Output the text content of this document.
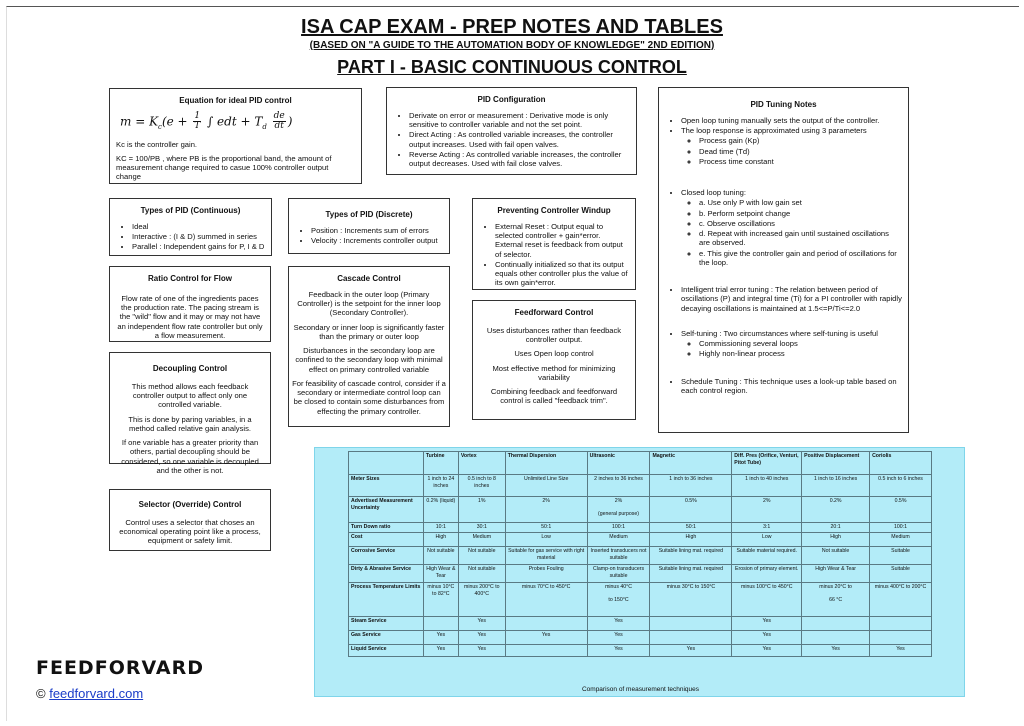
ISA CAP EXAM - PREP NOTES AND TABLES
(BASED ON "A GUIDE TO THE AUTOMATION BODY OF KNOWLEDGE" 2ND EDITION)
PART I - BASIC CONTINUOUS CONTROL
Equation for ideal PID control
$m = K_c(e + \frac{1}{T}$ ∫ edt + $T_d \frac{de}{dt}$ )

Kc is the controller gain.

KC = 100/PB , where PB is the proportional band, the amount of measurement change required to casue 100% controller output change

PID Configuration
• Derivate on error or measurement : Derivative mode is only sensitive to controller variable and not the set point.
• Direct Acting : As controlled variable increases, the controller output increases. Used with fail open valves.
• Reverse Acting : As controlled variable increases, the controller output decreases. Used with fail close valves.
PID Tuning Notes
• Open loop tuning manually sets the output of the controller.
• The loop response is approximated using 3 parameters
◦ Process gain (Kp)
◦ Dead time (Td)
◦ Process time constant
• Closed loop tuning:
◦ a. Use only P with low gain set
◦ b. Perform setpoint change
◦ c. Observe oscillations
◦ d. Repeat with increased gain until sustained oscillations are observed.
◦ e. This give the controller gain and period of oscillations for the loop.
• Intelligent trial error tuning : The relation between period of oscillations (P) and integral time (Ti) for a PI controller with rapidly decaying oscillations is maintained at 1.5<=P/Ti<=2.0
• Self-tuning : Two circumstances where self-tuning is useful
◦ Commissioning several loops
◦ Highly non-linear process
• Schedule Tuning : This technique uses a look-up table based on each control region.
Types of PID (Continuous)
• Ideal
• Interactive : (I & D) summed in series
• Parallel : Independent gains for P, I & D
Types of PID (Discrete)
• Position : Increments sum of errors
• Velocity : Increments controller output
Preventing Controller Windup
• External Reset : Output equal to selected controller + gain*error. External reset is feedback from output of selector.
• Continually initialized so that its output equals other controller plus the value of its own gain*error.
Ratio Control for Flow

Flow rate of one of the ingredients paces the production rate. The pacing stream is the "wild" flow and it may or may not have an independent flow rate controller but only a flow measurement.

Cascade Control

Feedback in the outer loop (Primary Controller) is the setpoint for the inner loop (Secondary Controller).

Secondary or inner loop is significantly faster than the primary or outer loop

Disturbances in the secondary loop are confined to the secondary loop with minimal effect on primary controlled variable

For feasibility of cascade control, consider if a secondary or intermediate control loop can be closed to contain some disturbances from effecting the primary controller.

Feedforward Control

Uses disturbances rather than feedback controller output.

Uses Open loop control

Most effective method for minimizing variability

Combining feedback and feedforward control is called "feedback trim".

Decoupling Control

This method allows each feedback controller output to affect only one controlled variable.

This is done by paring variables, in a method called relative gain analysis.

If one variable has a greater priority than others, partial decoupling should be considered, so one variable is decoupled and the other is not.

Selector (Override) Control

Control uses a selector that choses an economical operating point like a process, equipment or safety limit.

	Turbine	Vortex	Thermal Dispersion	Ultrasonic	Magnetic	Diff. Pres (Orifice, Venturi, Pitot Tube)	Positive Displacement	Coriolis
Meter Sizes	1 inch to 24 inches	0.5 inch to 8 inches	Unlimited Line Size	2 inches to 36 inches	1 inch to 36 inches	1 inch to 40 inches	1 inch to 16 inches	0.5 inch to 6 inches
Advertised Measurement Uncertainty	0.2% (liquid)	1%	2%	2%

(general purpose)	0.5%	2%	0.2%	0.5%
Turn Down ratio	10:1	30:1	50:1	100:1	50:1	3:1	20:1	100:1
Cost	High	Medium	Low	Medium	High	Low	High	Medium
Corrosive Service	Not suitable	Not suitable	Suitable for gas service with right material	Inserted transducers not suitable	Suitable lining mat. required	Suitable material required.	Not suitable	Suitable
Dirty & Abrasive Service	High Wear & Tear	Not suitable	Probes Fouling	Clamp-on transducers suitable	Suitable lining mat. required	Erosion of primary element.	High Wear & Tear	Suitable
Process Temperature Limits	minus 10°C to 82°C	minus 200°C to 400°C	minus 70°C to 450°C	minus 40°C

to 150°C	minus 30°C to 150°C	minus 100°C to 450°C	minus 20°C to

66 °C	minus 400°C to 200°C
Steam Service		Yes		Yes		Yes		
Gas Service	Yes	Yes	Yes	Yes		Yes		
Liquid Service	Yes	Yes		Yes	Yes	Yes	Yes	Yes
Comparison of measurement techniques
FEEDFORVARD
© feedforvard.com
